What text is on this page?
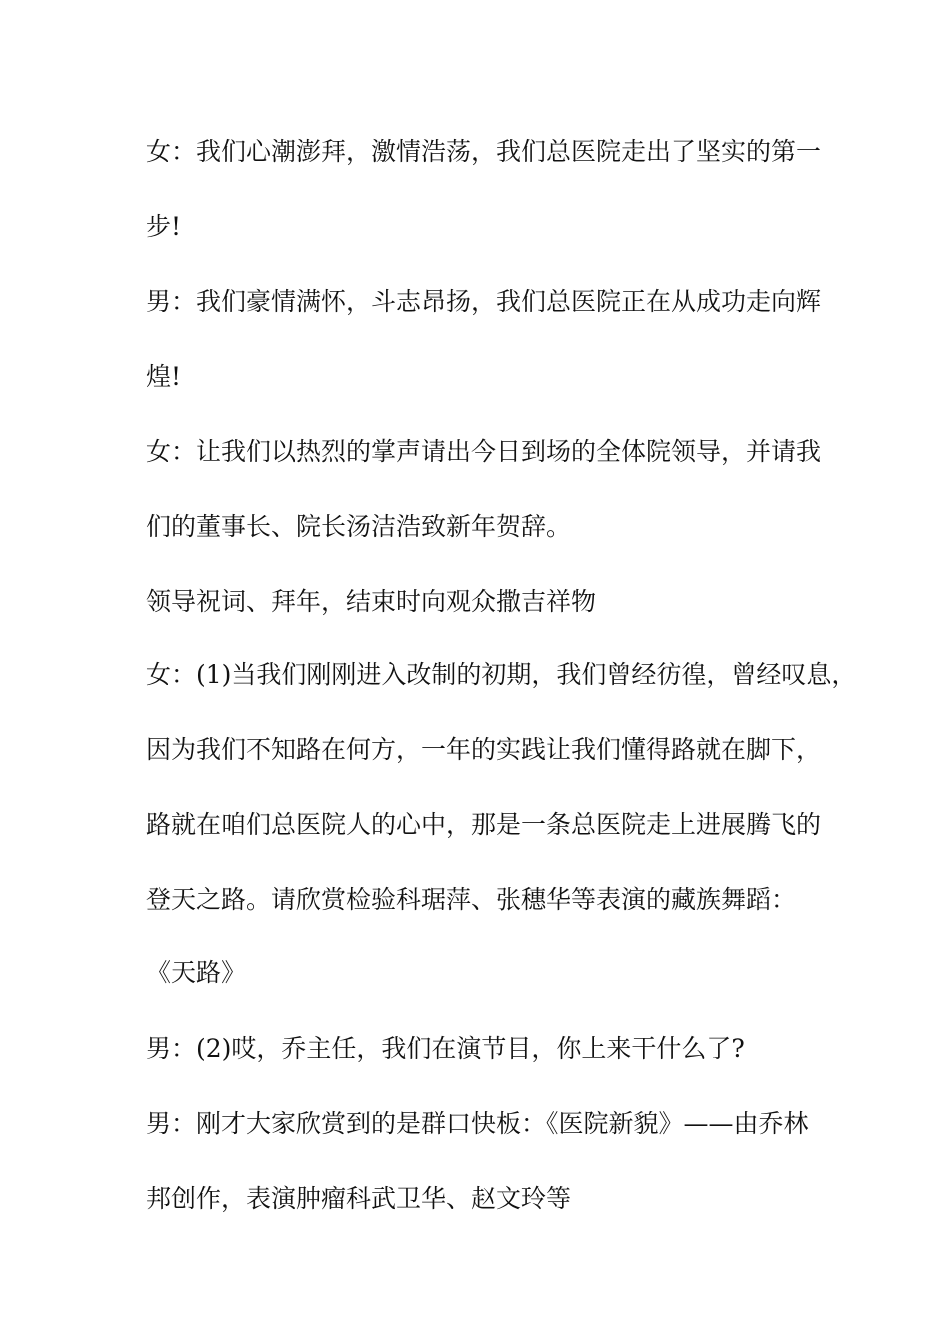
女：我们心潮澎拜，激情浩荡，我们总医院走出了坚实的第一
步!
男：我们豪情满怀，斗志昂扬，我们总医院正在从成功走向辉
煌!
女：让我们以热烈的掌声请出今日到场的全体院领导，并请我
们的董事长、院长汤洁浩致新年贺辞。
领导祝词、拜年，结束时向观众撒吉祥物
女：(1)当我们刚刚进入改制的初期，我们曾经彷徨，曾经叹息，
因为我们不知路在何方，一年的实践让我们懂得路就在脚下，
路就在咱们总医院人的心中，那是一条总医院走上进展腾飞的
登天之路。请欣赏检验科琚萍、张穗华等表演的藏族舞蹈：
《天路》
男：(2)哎，乔主任，我们在演节目，你上来干什么了?
男：刚才大家欣赏到的是群口快板：《医院新貌》——由乔林
邦创作，表演肿瘤科武卫华、赵文玲等
